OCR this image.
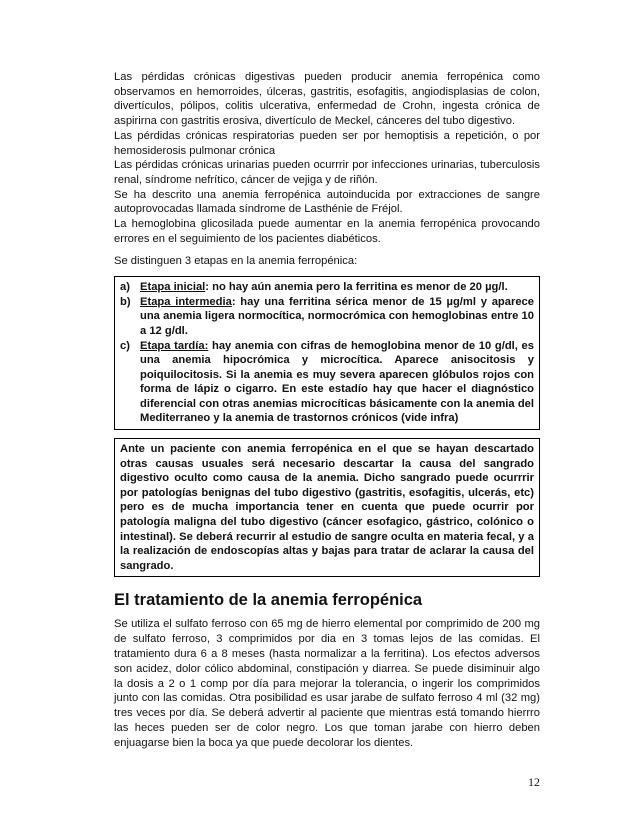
Las pérdidas crónicas digestivas pueden producir anemia ferropénica como observamos en hemorroides, úlceras, gastritis, esofagitis, angiodisplasias de colon, divertículos, pólipos, colitis ulcerativa, enfermedad de Crohn, ingesta crónica de aspirirna con gastritis erosiva, divertículo de Meckel, cánceres del tubo digestivo.

Las pérdidas crónicas respiratorias pueden ser por hemoptisis a repetición, o por hemosiderosis pulmonar crónica

Las pérdidas crónicas urinarias pueden ocurrrir por infecciones urinarias, tuberculosis renal, síndrome nefrítico, cáncer de vejiga y de riñón.

Se ha descrito una anemia ferropénica autoinducida por extracciones de sangre autoprovocadas llamada síndrome de Lasthénie de Fréjol.

La hemoglobina glicosilada puede aumentar en la anemia ferropénica provocando errores en el seguimiento de los pacientes diabéticos.

Se distinguen 3 etapas en la anemia ferropénica:

a) Etapa inicial: no hay aún anemia pero la ferritina es menor de 20 µg/l.
b) Etapa intermedia: hay una ferritina sérica menor de 15 µg/ml y aparece una anemia ligera normocítica, normocrómica con hemoglobinas entre 10 a 12 g/dl.
c) Etapa tardía: hay anemia con cifras de hemoglobina menor de 10 g/dl, es una anemia hipocrómica y microcítica. Aparece anisocitosis y poiquilocitosis. Si la anemia es muy severa aparecen glóbulos rojos con forma de lápiz o cigarro. En este estadío hay que hacer el diagnóstico diferencial con otras anemias microcíticas básicamente con la anemia del Mediterraneo y la anemia de trastornos crónicos (vide infra)

Ante un paciente con anemia ferropénica en el que se hayan descartado otras causas usuales será necesario descartar la causa del sangrado digestivo oculto como causa de la anemia. Dicho sangrado puede ocurrrir por patologías benignas del tubo digestivo (gastritis, esofagitis, ulcerás, etc) pero es de mucha importancia tener en cuenta que puede ocurrir por patología maligna del tubo digestivo (cáncer esofagico, gástrico, colónico o intestinal). Se deberá recurrir al estudio de sangre oculta en materia fecal, y a la realización de endoscopías altas y bajas para tratar de aclarar la causa del sangrado.

El tratamiento de la anemia ferropénica

Se utiliza el sulfato ferroso con 65 mg de hierro elemental por comprimido de 200 mg de sulfato ferroso, 3 comprimidos por dia en 3 tomas lejos de las comidas. El tratamiento dura 6 a 8 meses (hasta normalizar a la ferritina). Los efectos adversos son acidez, dolor cólico abdominal, constipación y diarrea. Se puede disiminuir algo la dosis a 2 o 1 comp por día para mejorar la tolerancia, o ingerir los comprimidos junto con las comidas. Otra posibilidad es usar jarabe de sulfato ferroso 4 ml (32 mg) tres veces por día. Se deberá advertir al paciente que mientras está tomando hierrro las heces pueden ser de color negro. Los que toman jarabe con hierro deben enjuagarse bien la boca ya que puede decolorar los dientes.

12
